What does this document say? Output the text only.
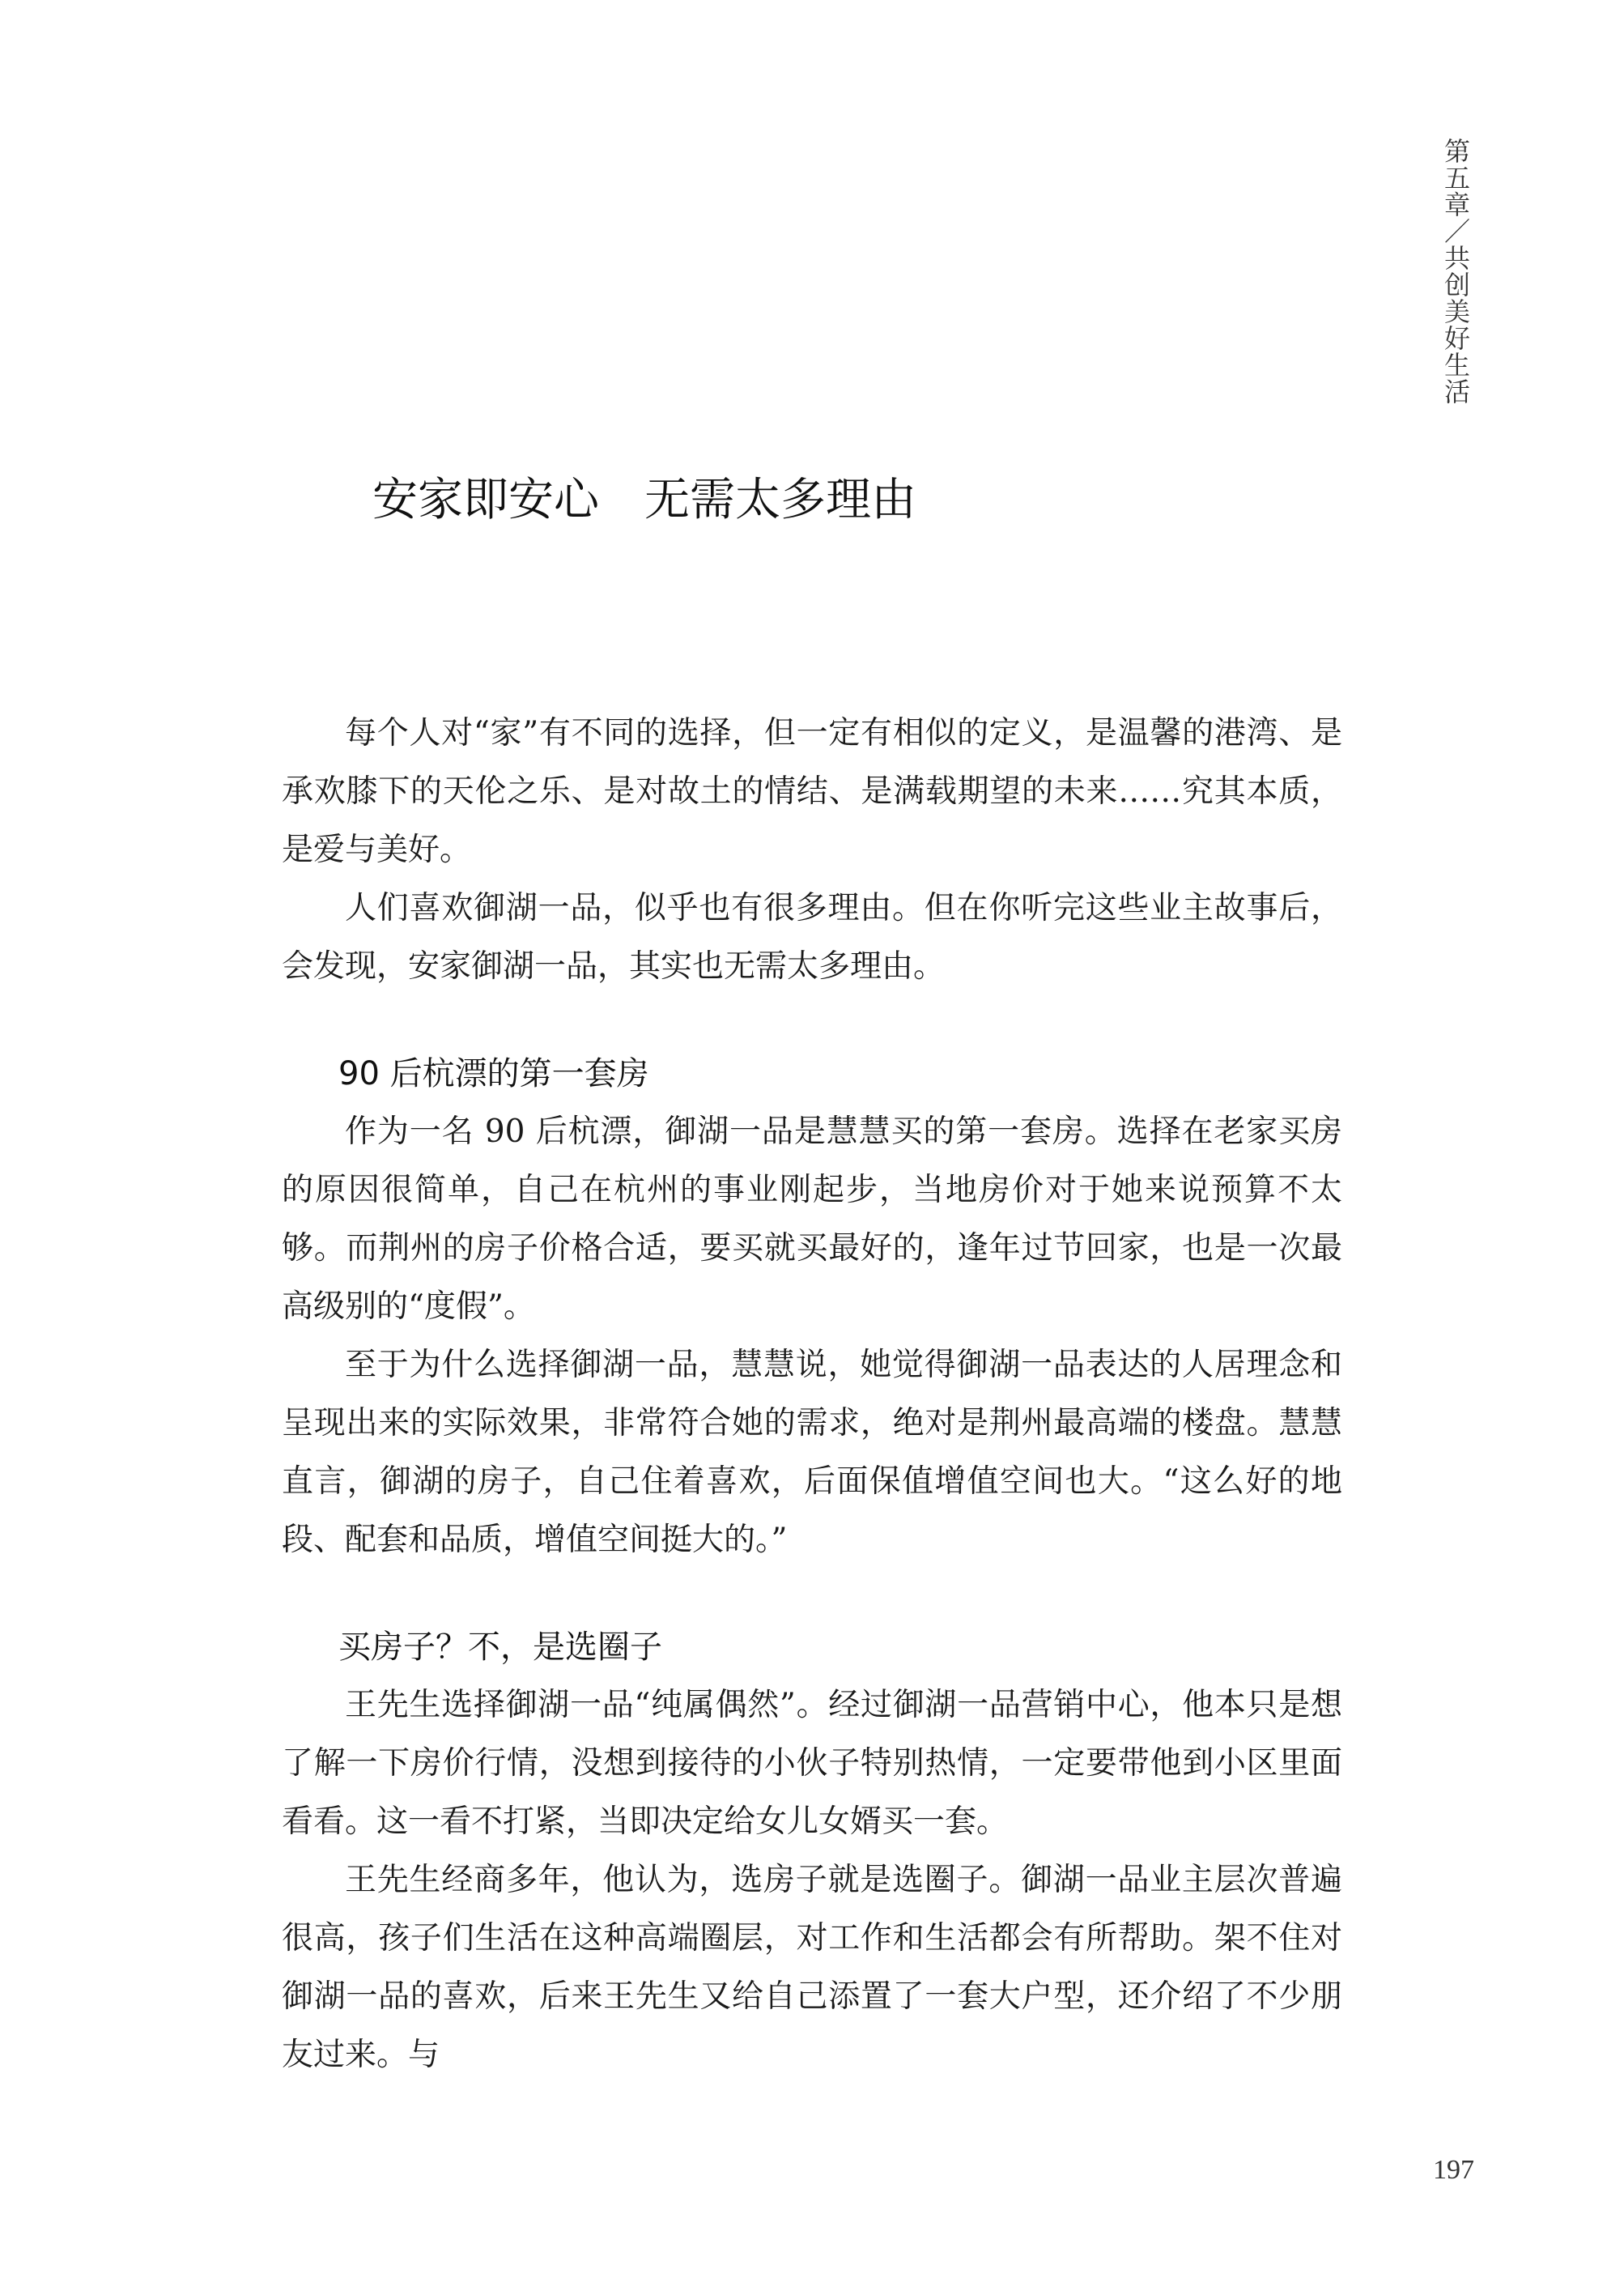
第五章／共创美好生活
安家即安心　无需太多理由

每个人对“家”有不同的选择，但一定有相似的定义，是温馨的港湾、是承欢膝下的天伦之乐、是对故土的情结、是满载期望的未来……究其本质，是爱与美好。

人们喜欢御湖一品，似乎也有很多理由。但在你听完这些业主故事后，会发现，安家御湖一品，其实也无需太多理由。

90 后杭漂的第一套房

作为一名 90 后杭漂，御湖一品是慧慧买的第一套房。选择在老家买房的原因很简单，自己在杭州的事业刚起步，当地房价对于她来说预算不太够。而荆州的房子价格合适，要买就买最好的，逢年过节回家，也是一次最高级别的“度假”。

至于为什么选择御湖一品，慧慧说，她觉得御湖一品表达的人居理念和呈现出来的实际效果，非常符合她的需求，绝对是荆州最高端的楼盘。慧慧直言，御湖的房子，自己住着喜欢，后面保值增值空间也大。“这么好的地段、配套和品质，增值空间挺大的。”

买房子？不，是选圈子

王先生选择御湖一品“纯属偶然”。经过御湖一品营销中心，他本只是想了解一下房价行情，没想到接待的小伙子特别热情，一定要带他到小区里面看看。这一看不打紧，当即决定给女儿女婿买一套。

王先生经商多年，他认为，选房子就是选圈子。御湖一品业主层次普遍很高，孩子们生活在这种高端圈层，对工作和生活都会有所帮助。架不住对御湖一品的喜欢，后来王先生又给自己添置了一套大户型，还介绍了不少朋友过来。与

197
